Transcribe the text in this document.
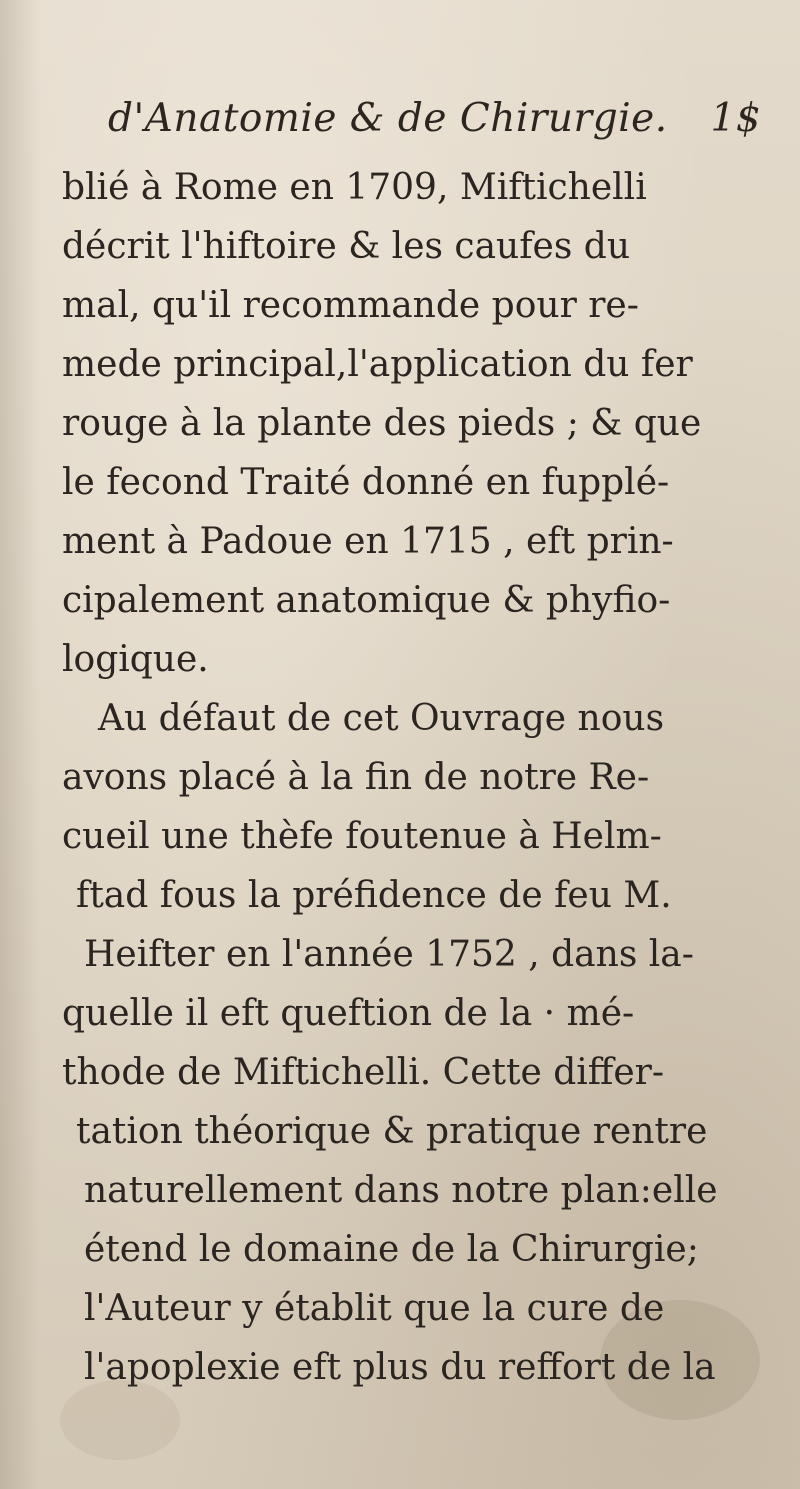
d'Anatomie & de Chirurgie. 1$
blié à Rome en 1709, Miftichelli
décrit l'hiftoire & les caufes du
mal, qu'il recommande pour re-
mede principal,l'application du fer
rouge à la plante des pieds ; & que
le fecond Traité donné en fupplé-
ment à Padoue en 1715 , eft prin-
cipalement anatomique & phyfio-
logique.
Au défaut de cet Ouvrage nous
avons placé à la fin de notre Re-
cueil une thèfe foutenue à Helm-
ftad fous la préfidence de feu M.
Heifter en l'année 1752 , dans la-
quelle il eft queftion de la · mé-
thode de Miftichelli. Cette differ-
tation théorique & pratique rentre
naturellement dans notre plan:elle
étend le domaine de la Chirurgie;
l'Auteur y établit que la cure de
l'apoplexie eft plus du reffort de la
